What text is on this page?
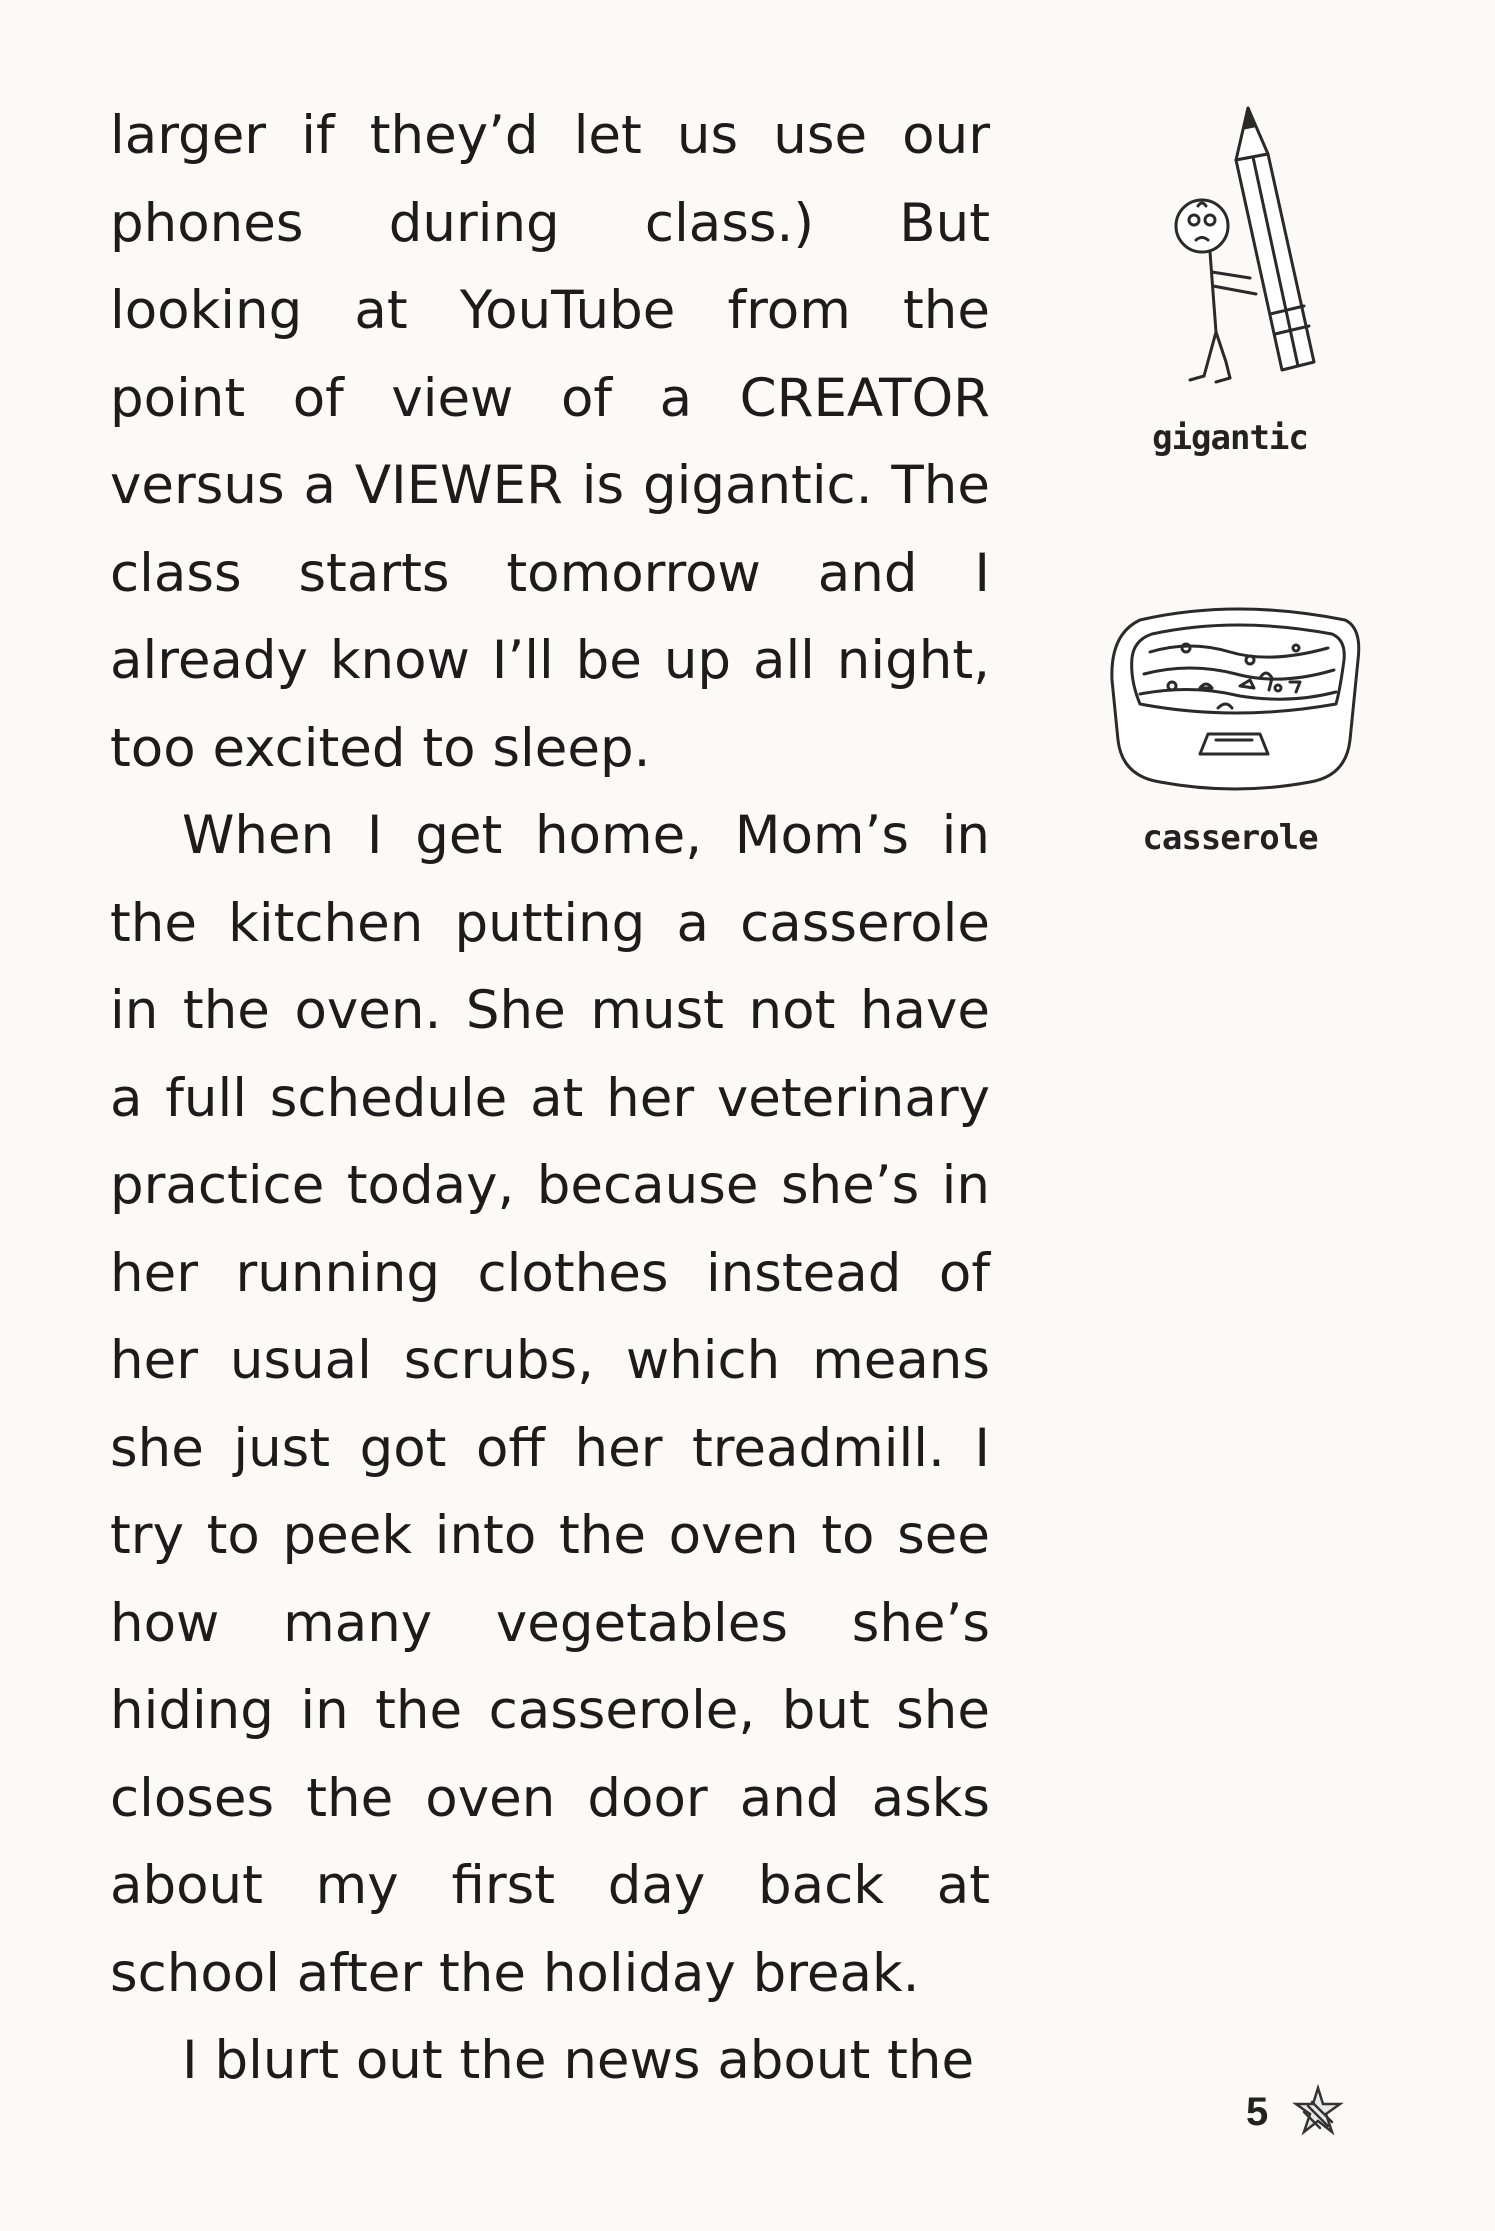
larger if they’d let us use our phones during class.) But looking at YouTube from the point of view of a CREATOR versus a VIEWER is gigantic. The class starts tomorrow and I already know I’ll be up all night, too excited to sleep.

When I get home, Mom’s in the kitchen putting a casserole in the oven. She must not have a full schedule at her veterinary practice today, because she’s in her running clothes instead of her usual scrubs, which means she just got off her treadmill. I try to peek into the oven to see how many vegetables she’s hiding in the casserole, but she closes the oven door and asks about my first day back at school after the holiday break.

I blurt out the news about the

gigantic
casserole
5
